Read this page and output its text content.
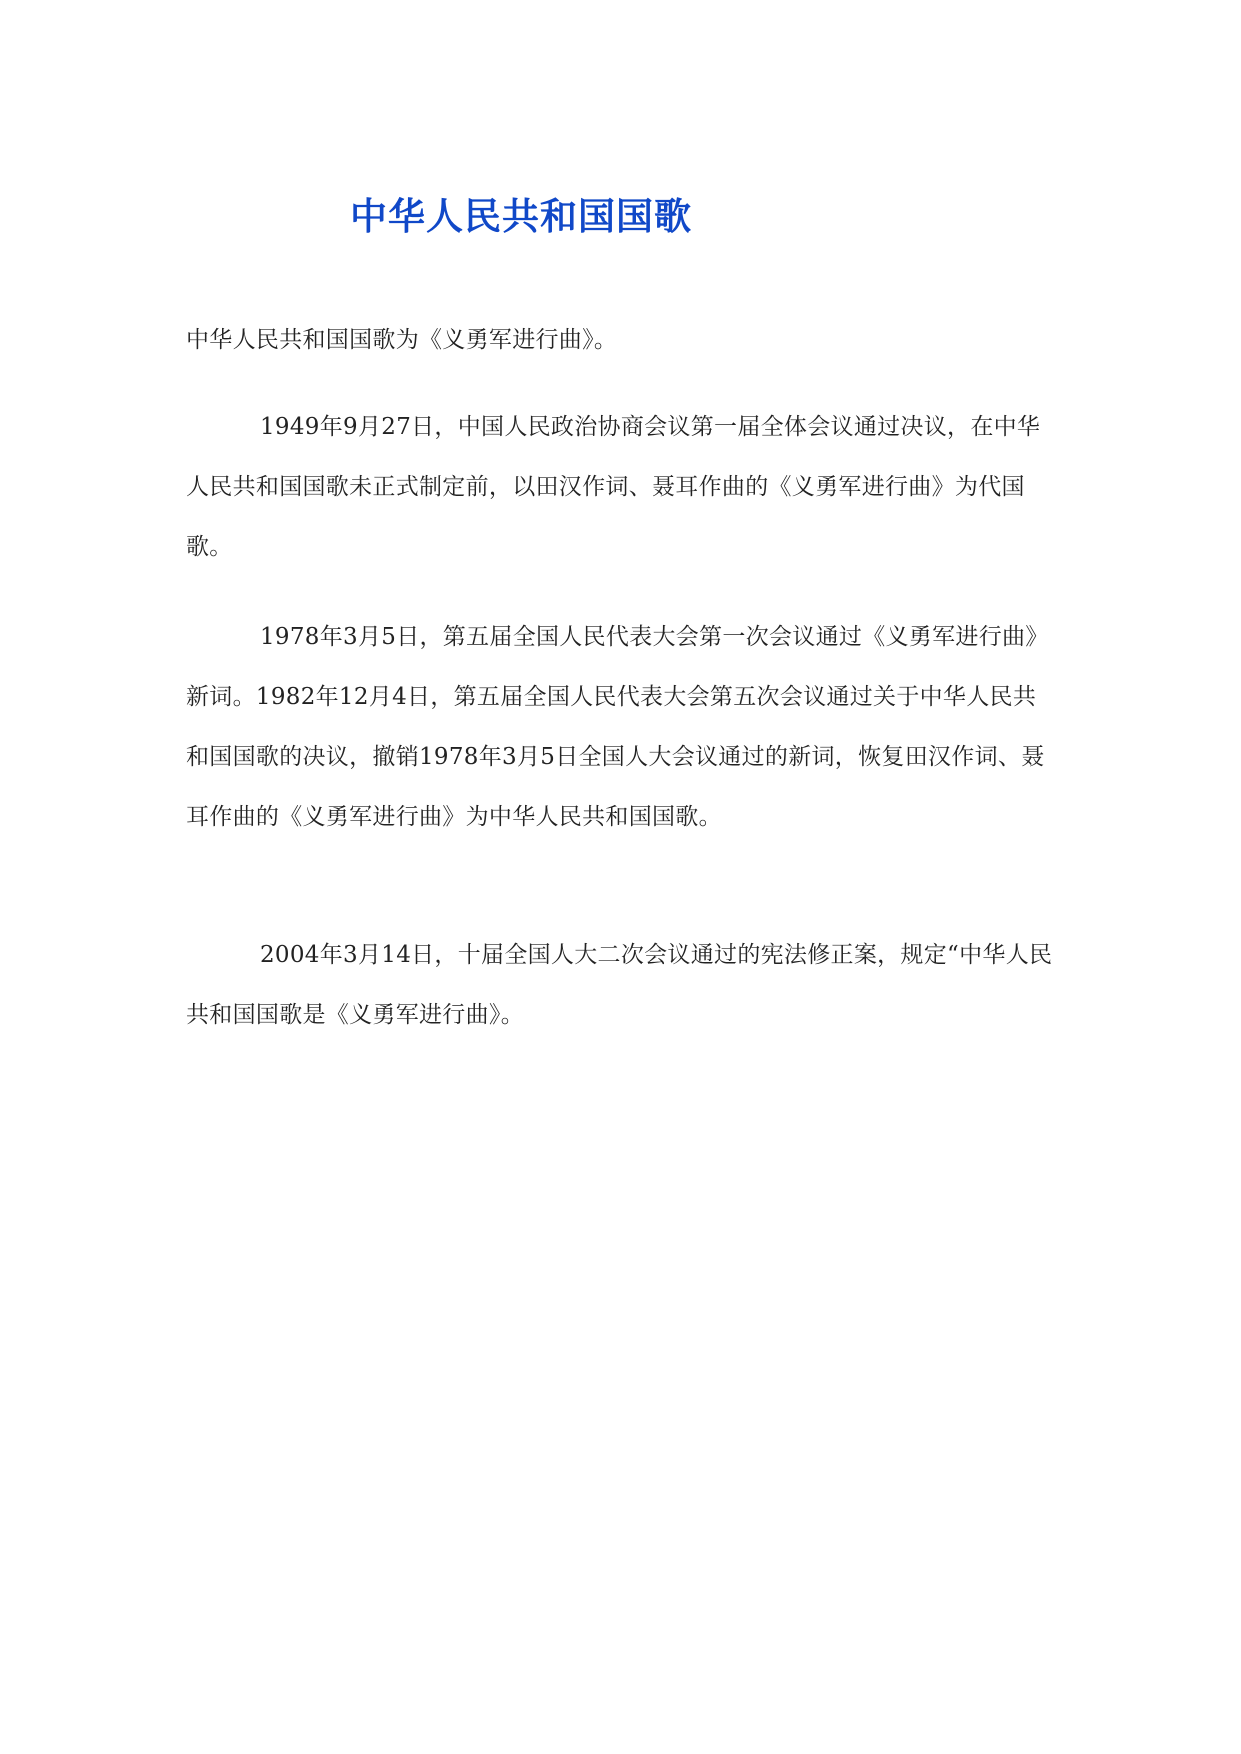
中华人民共和国国歌

中华人民共和国国歌为《义勇军进行曲》。

1949年9月27日，中国人民政治协商会议第一届全体会议通过决议，在中华人民共和国国歌未正式制定前，以田汉作词、聂耳作曲的《义勇军进行曲》为代国歌。

1978年3月5日，第五届全国人民代表大会第一次会议通过《义勇军进行曲》新词。1982年12月4日，第五届全国人民代表大会第五次会议通过关于中华人民共和国国歌的决议，撤销1978年3月5日全国人大会议通过的新词，恢复田汉作词、聂耳作曲的《义勇军进行曲》为中华人民共和国国歌。

2004年3月14日，十届全国人大二次会议通过的宪法修正案，规定“中华人民共和国国歌是《义勇军进行曲》。
